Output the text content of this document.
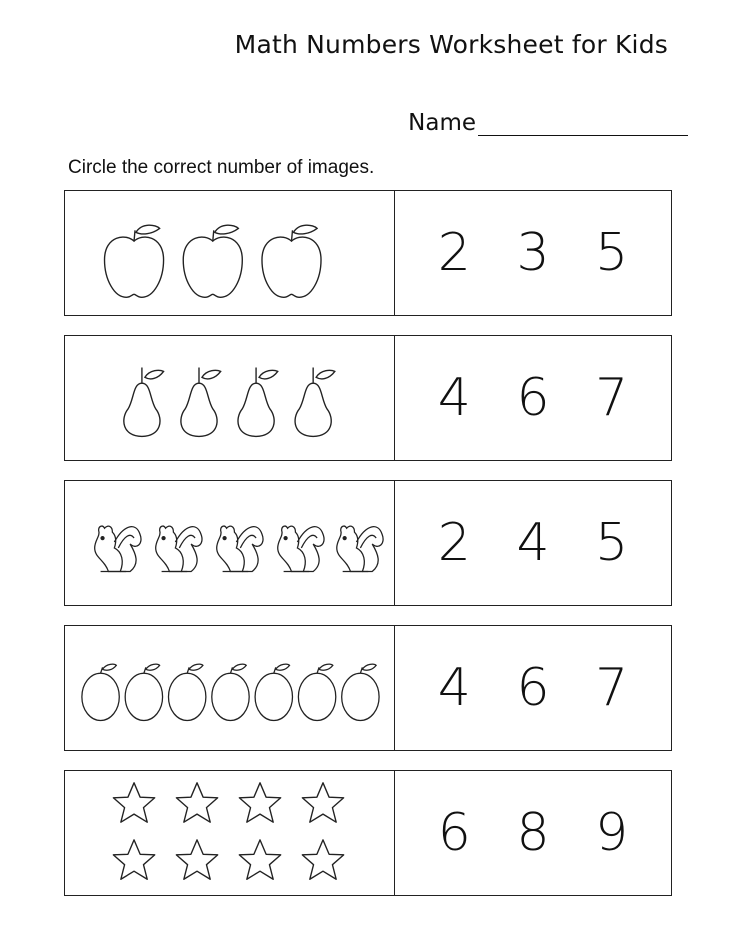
Math Numbers Worksheet for Kids
Name
Circle the correct number of images.
2 3 5
4 6 7
2 4 5
4 6 7
6 8 9
